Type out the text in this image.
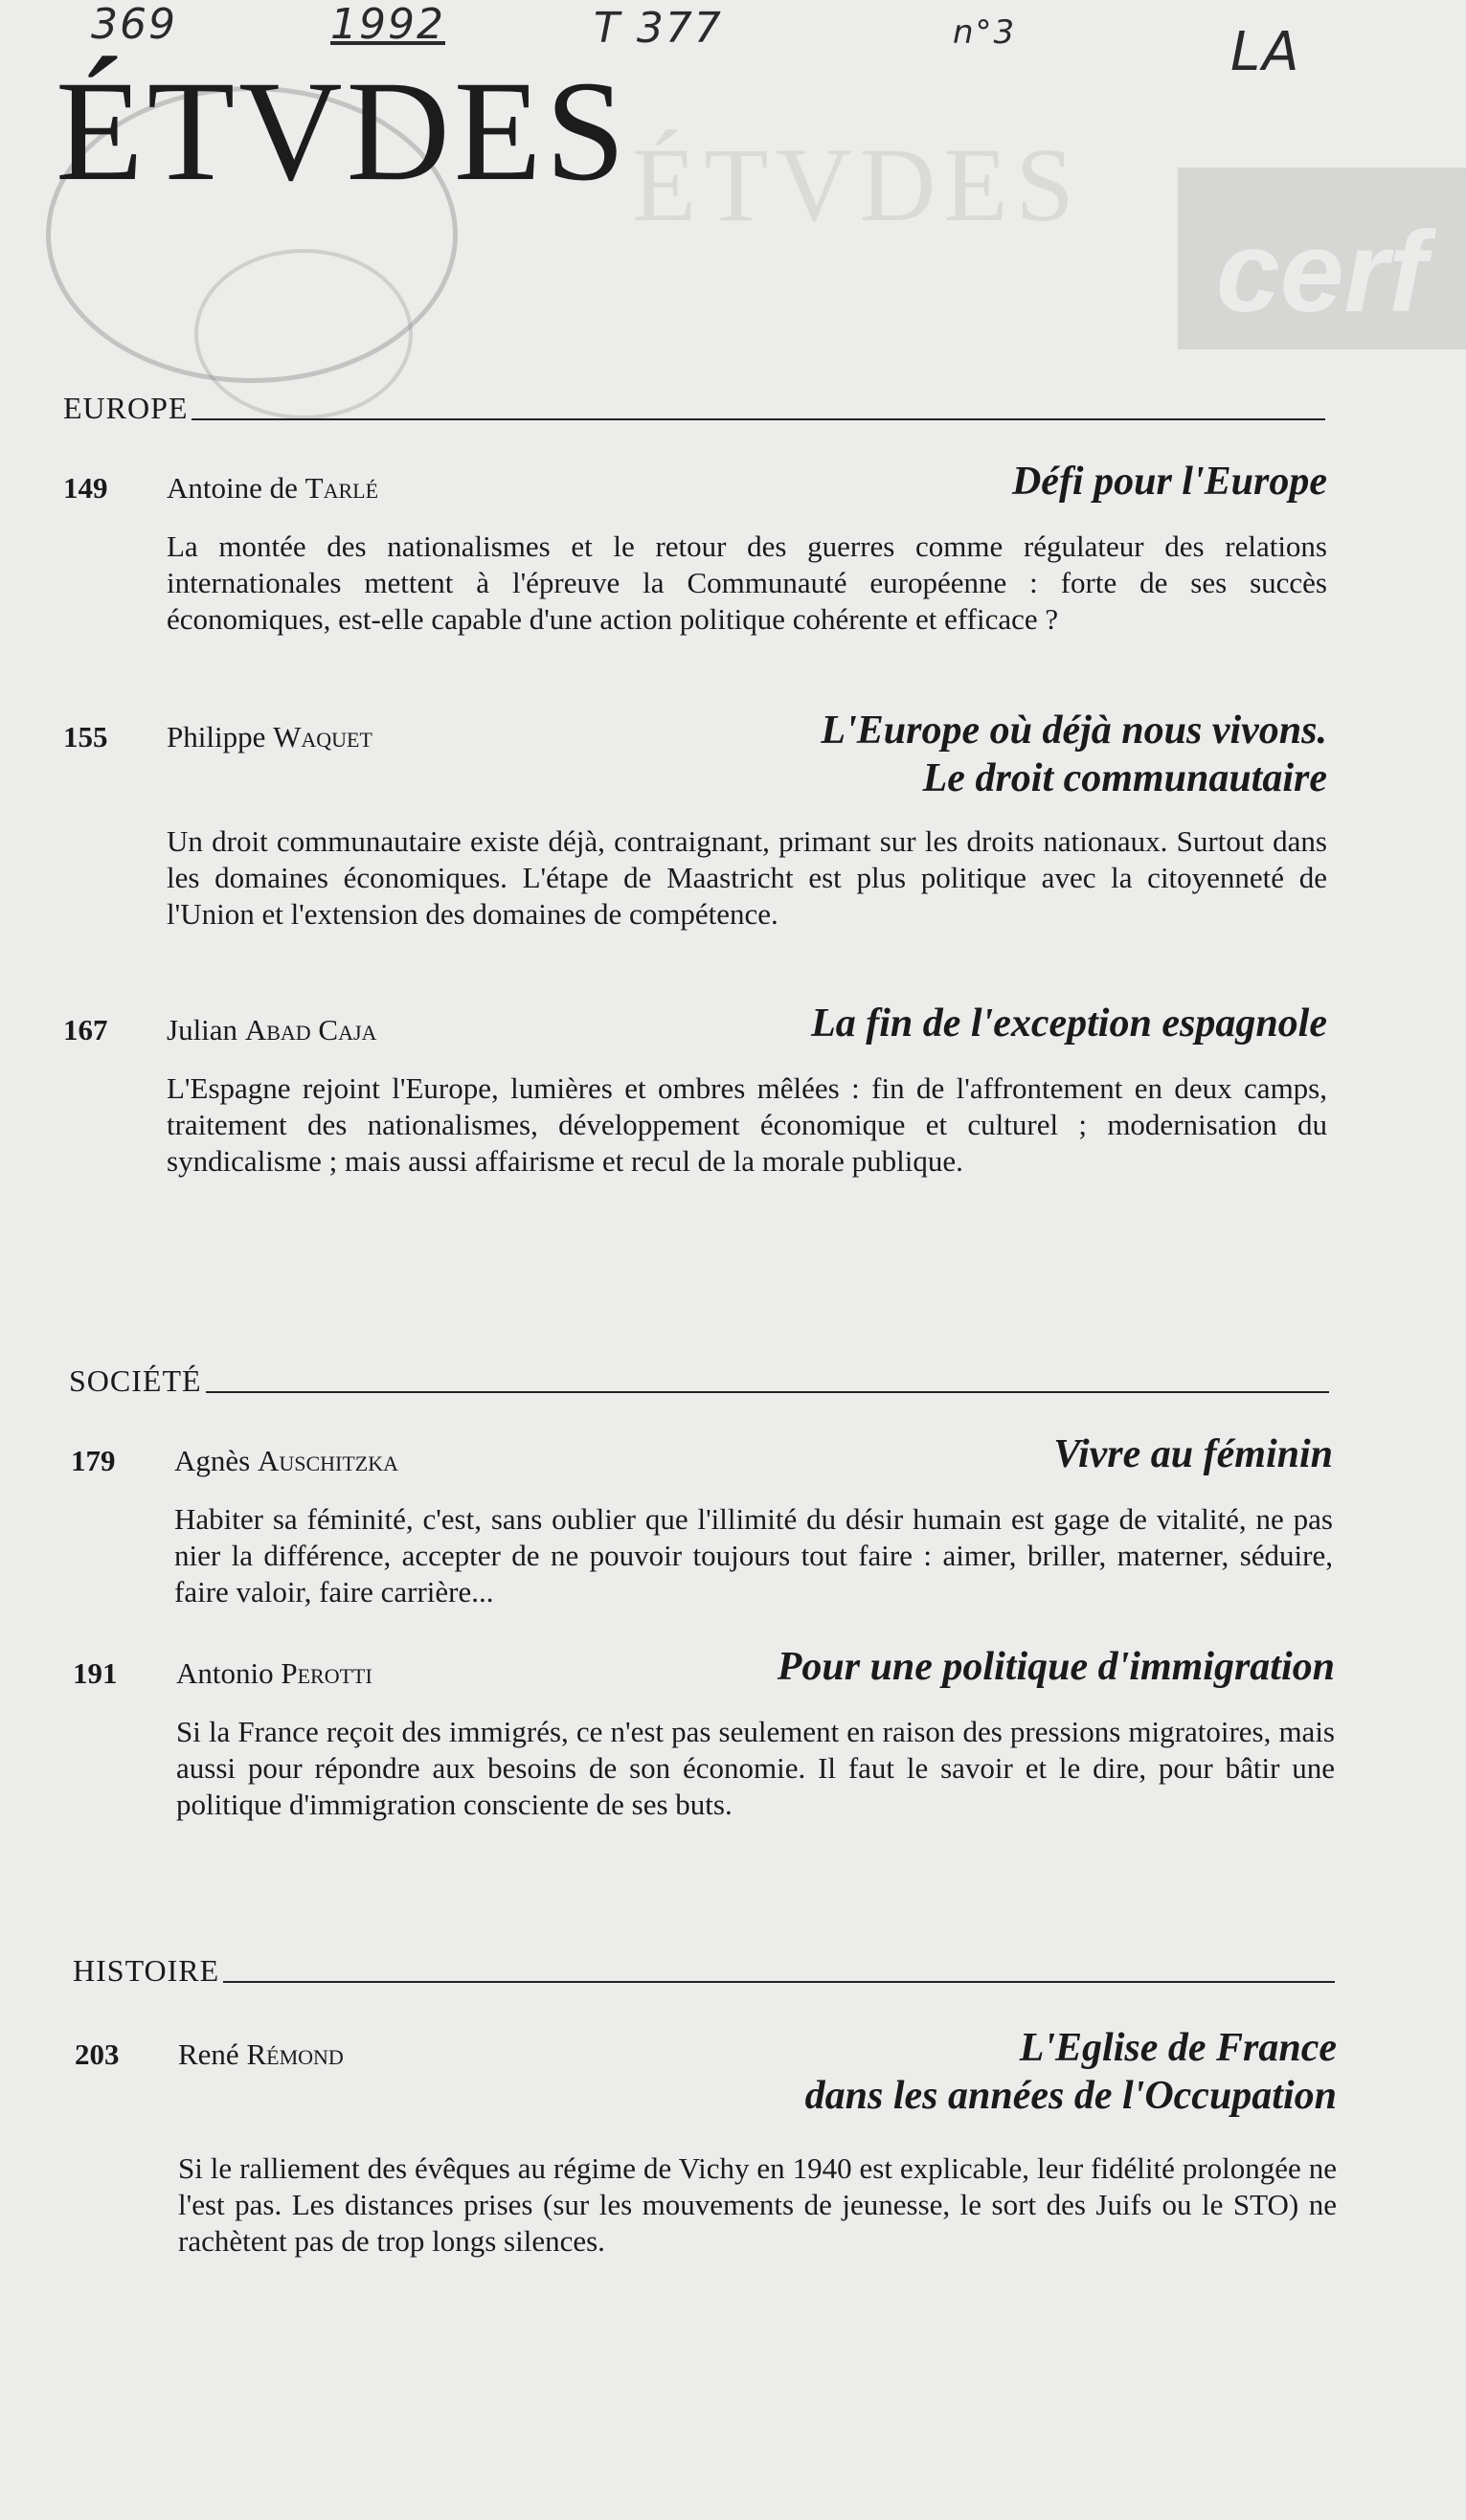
cerf
ÉTVDES
369	1992	T 377	n°3	LA
ÉTVDES
EUROPE
149 Antoine de Tarlé	Défi pour l'Europe
La montée des nationalismes et le retour des guerres comme régulateur des relations internationales mettent à l'épreuve la Communauté européenne : forte de ses succès économiques, est-elle capable d'une action politique cohérente et efficace ?
155 Philippe Waquet	L'Europe où déjà nous vivons.
Le droit communautaire
Un droit communautaire existe déjà, contraignant, primant sur les droits nationaux. Surtout dans les domaines économiques. L'étape de Maastricht est plus politique avec la citoyenneté de l'Union et l'extension des domaines de compétence.
167 Julian Abad Caja	La fin de l'exception espagnole
L'Espagne rejoint l'Europe, lumières et ombres mêlées : fin de l'affrontement en deux camps, traitement des nationalismes, développement économique et culturel ; modernisation du syndicalisme ; mais aussi affairisme et recul de la morale publique.
SOCIÉTÉ
179 Agnès Auschitzka	Vivre au féminin
Habiter sa féminité, c'est, sans oublier que l'illimité du désir humain est gage de vitalité, ne pas nier la différence, accepter de ne pouvoir toujours tout faire : aimer, briller, materner, séduire, faire valoir, faire carrière...
191 Antonio Perotti	Pour une politique d'immigration
Si la France reçoit des immigrés, ce n'est pas seulement en raison des pressions migratoires, mais aussi pour répondre aux besoins de son économie. Il faut le savoir et le dire, pour bâtir une politique d'immigration consciente de ses buts.
HISTOIRE
203 René Rémond	L'Eglise de France
dans les années de l'Occupation
Si le ralliement des évêques au régime de Vichy en 1940 est explicable, leur fidélité prolongée ne l'est pas. Les distances prises (sur les mouvements de jeunesse, le sort des Juifs ou le STO) ne rachètent pas de trop longs silences.
